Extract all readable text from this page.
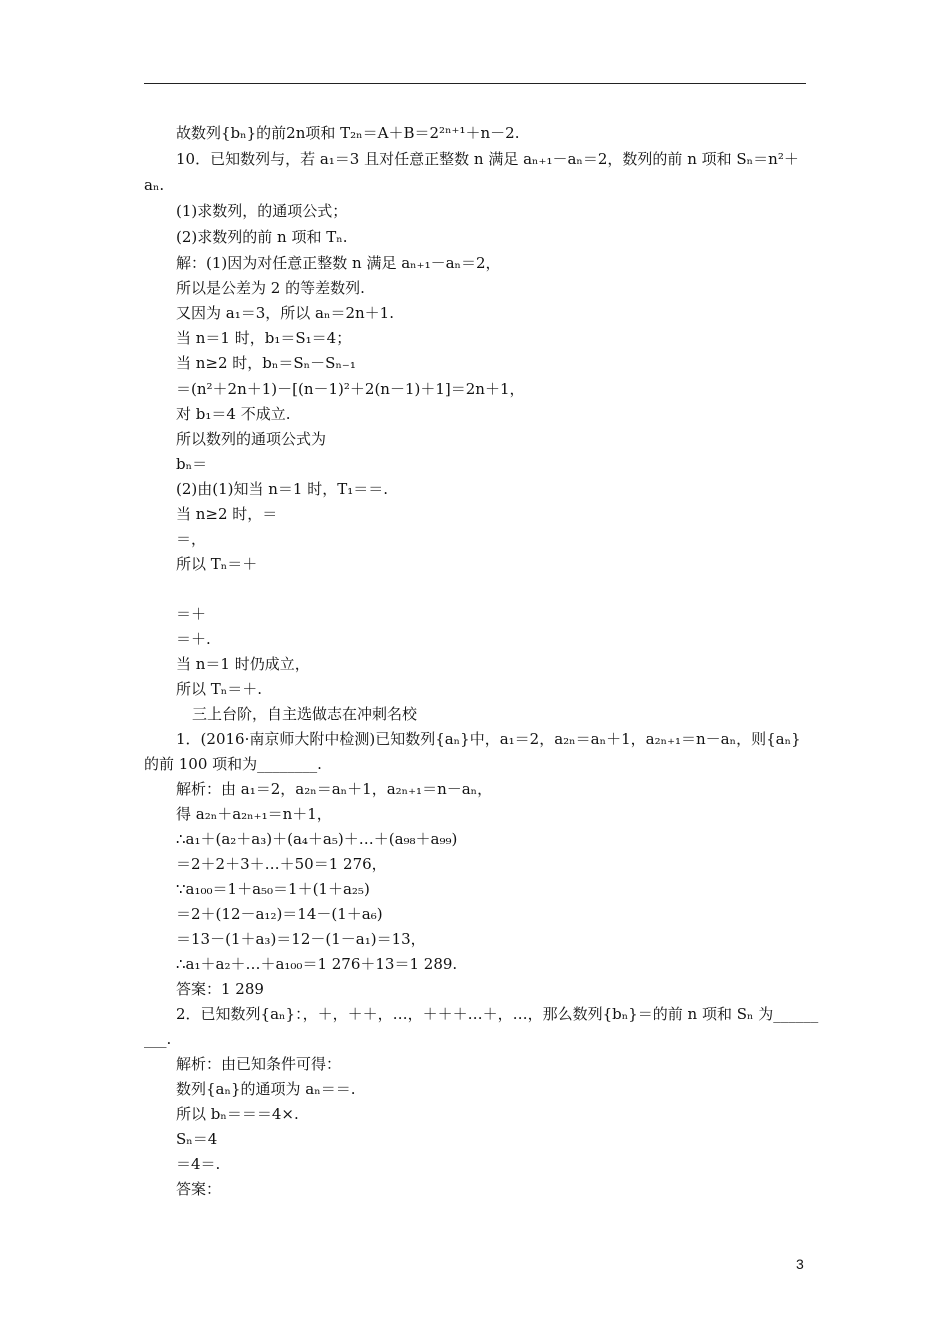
故数列{bₙ}的前2n项和 T₂ₙ＝A＋B＝2²ⁿ⁺¹＋n－2.
10．已知数列与，若 a₁＝3 且对任意正整数 n 满足 aₙ₊₁－aₙ＝2，数列的前 n 项和 Sₙ＝n²＋
aₙ.
(1)求数列，的通项公式；
(2)求数列的前 n 项和 Tₙ.
解：(1)因为对任意正整数 n 满足 aₙ₊₁－aₙ＝2，
所以是公差为 2 的等差数列.
又因为 a₁＝3，所以 aₙ＝2n＋1.
当 n＝1 时，b₁＝S₁＝4；
当 n≥2 时，bₙ＝Sₙ－Sₙ₋₁
＝(n²＋2n＋1)－[(n－1)²＋2(n－1)＋1]＝2n＋1，
对 b₁＝4 不成立.
所以数列的通项公式为
bₙ＝
(2)由(1)知当 n＝1 时，T₁＝＝.
当 n≥2 时，＝
＝，
所以 Tₙ＝＋
＝＋
＝＋.
当 n＝1 时仍成立，
所以 Tₙ＝＋.
三上台阶，自主选做志在冲刺名校
1．(2016·南京师大附中检测)已知数列{aₙ}中，a₁＝2，a₂ₙ＝aₙ＋1，a₂ₙ₊₁＝n－aₙ，则{aₙ}
的前 100 项和为________.
解析：由 a₁＝2，a₂ₙ＝aₙ＋1，a₂ₙ₊₁＝n－aₙ，
得 a₂ₙ＋a₂ₙ₊₁＝n＋1，
∴a₁＋(a₂＋a₃)＋(a₄＋a₅)＋…＋(a₉₈＋a₉₉)
＝2＋2＋3＋…＋50＝1 276，
∵a₁₀₀＝1＋a₅₀＝1＋(1＋a₂₅)
＝2＋(12－a₁₂)＝14－(1＋a₆)
＝13－(1＋a₃)＝12－(1－a₁)＝13，
∴a₁＋a₂＋…＋a₁₀₀＝1 276＋13＝1 289.
答案：1 289
2．已知数列{aₙ}：，＋，＋＋，…，＋＋＋…＋，…，那么数列{bₙ}＝的前 n 项和 Sₙ 为______
___.
解析：由已知条件可得：
数列{aₙ}的通项为 aₙ＝＝.
所以 bₙ＝＝＝4×.
Sₙ＝4
＝4＝.
答案：
3
